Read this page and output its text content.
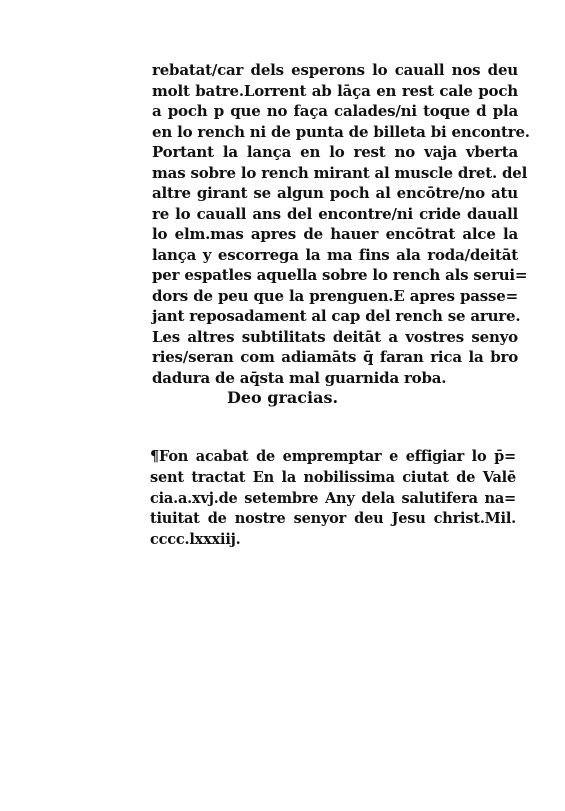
rebatat/car dels esperons lo cauall nos deu
molt batre.Lorrent ab lāça en rest cale poch
a poch p que no faça calades/ni toque d pla
en lo rench ni de punta de billeta bi encontre.
Portant la lança en lo rest no vaja vberta
mas sobre lo rench mirant al muscle dret. del
altre girant se algun poch al encōtre/no atu
re lo cauall ans del encontre/ni cride dauall
lo elm.mas apres de hauer encōtrat alce la
lança y escorrega la ma fins ala roda/deitāt
per espatles aquella sobre lo rench als serui=
dors de peu que la prenguen.E apres passe=
jant reposadament al cap del rench se arure.
Les altres subtilitats deitāt a vostres senyo
ries/seran com adiamāts q̄ faran rica la bro
dadura de aq̄sta mal guarnida roba.
Deo gracias.
¶Fon acabat de empremptar e effigiar lo p̄=
sent tractat En la nobilissima ciutat de Valē
cia.a.xvj.de setembre Any dela salutifera na=
tiuitat de nostre senyor deu Jesu christ.Mil.
cccc.lxxxiij.
